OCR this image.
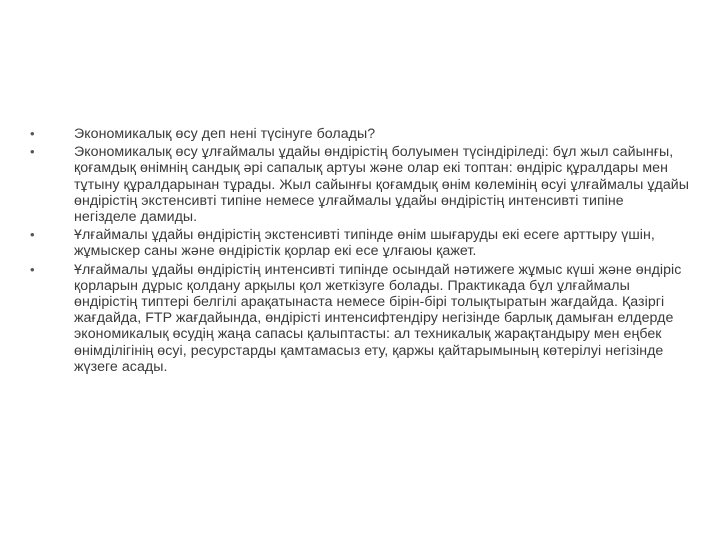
•	Экономикалық өсу деп нені түсінуге болады?
•	Экономикалық өсу ұлғаймалы ұдайы өндірістің болуымен түсіндіріледі: бұл жыл сайынғы, қоғамдық өнімнің сандық әрі сапалық артуы және олар екі топтан: өндіріс құралдары мен тұтыну құралдарынан тұрады. Жыл сайынғы қоғамдық өнім көлемінің өсуі ұлғаймалы ұдайы өндірістің экстенсивті типіне немесе ұлғаймалы ұдайы өндірістің интенсивті типіне негізделе дамиды.
•	Ұлғаймалы ұдайы өндірістің экстенсивті типінде өнім шығаруды екі есеге арттыру үшін, жұмыскер саны және өндірістік қорлар екі есе ұлғаюы қажет.
•	Ұлғаймалы ұдайы өндірістің интенсивті типінде осындай нәтижеге жұмыс күші және өндіріс қорларын дұрыс қолдану арқылы қол жеткізуге болады. Практикада бұл ұлғаймалы өндірістің типтері белгілі арақатынаста немесе бірін-бірі толықтыратын жағдайда. Қазіргі жағдайда, FTP жағдайында, өндірісті интенсифтендіру негізінде барлық дамыған елдерде экономикалық өсудің жаңа сапасы қалыптасты: ал техникалық жарақтандыру мен еңбек өнімділігінің өсуі, ресурстарды қамтамасыз ету, қаржы қайтарымының көтерілуі негізінде жүзеге асады.
